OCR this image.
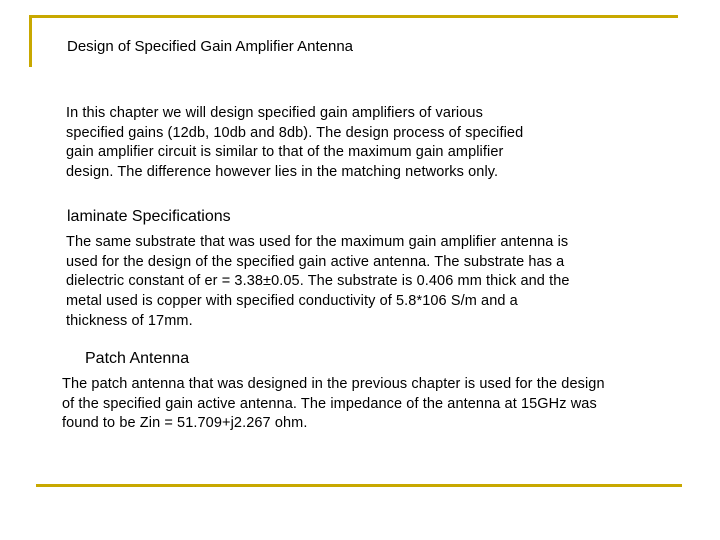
Design of Specified Gain Amplifier Antenna
In this chapter we will design specified gain amplifiers of various
specified gains (12db, 10db and 8db). The design process of specified
gain amplifier circuit is similar to that of the maximum gain amplifier
design. The difference however lies in the matching networks only.
laminate Specifications
The same substrate that was used for the maximum gain amplifier antenna is
used for the design of the specified gain active antenna. The substrate has a
dielectric constant of er = 3.38±0.05. The substrate is 0.406 mm thick and the
metal used is copper with specified conductivity of 5.8*106 S/m and a
thickness of 17mm.
Patch Antenna
The patch antenna that was designed in the previous chapter is used for the design
of the specified gain active antenna. The impedance of the antenna at 15GHz was
found to be Zin = 51.709+j2.267 ohm.
